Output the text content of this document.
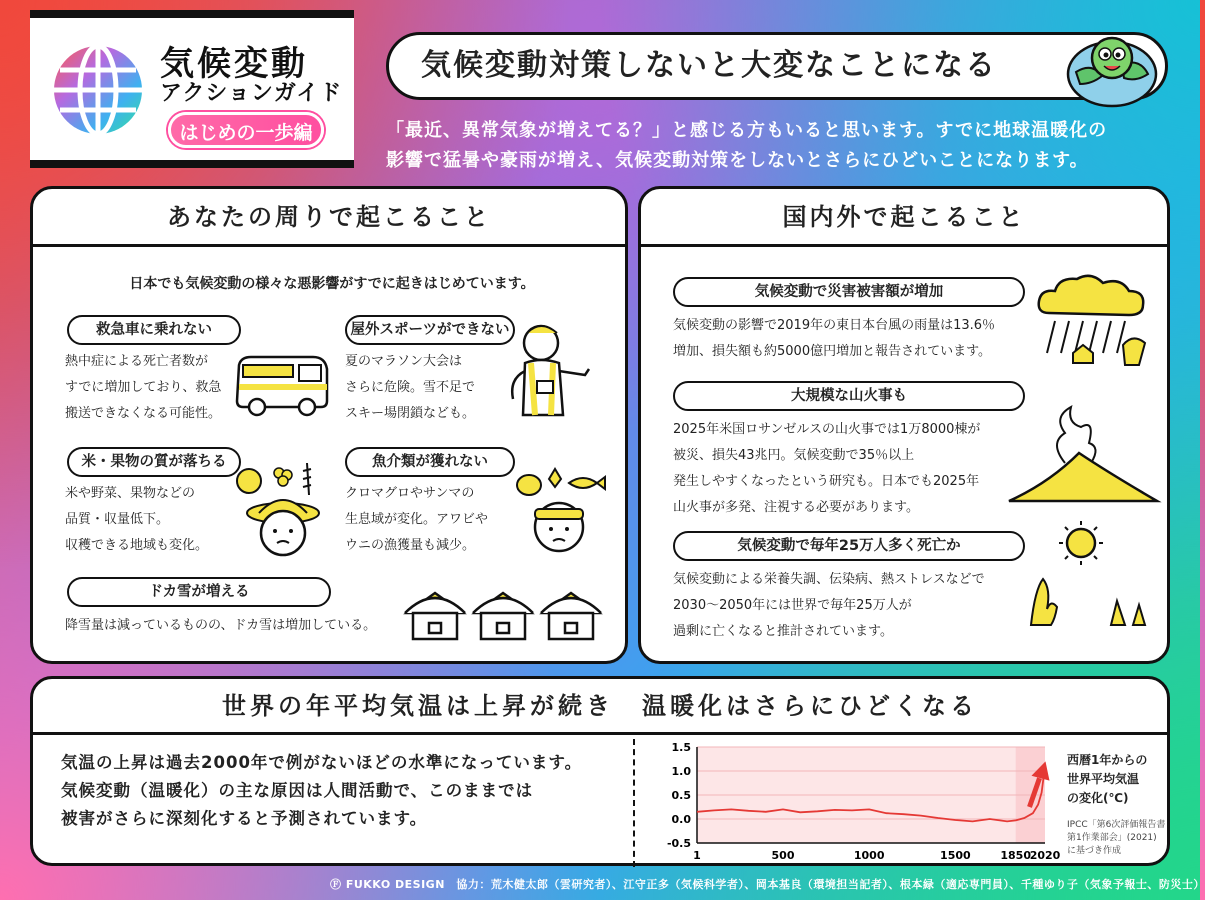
気候変動
アクションガイド
はじめの一歩編
気候変動対策しないと大変なことになる
「最近、異常気象が増えてる？」と感じる方もいると思います。すでに地球温暖化の
影響で猛暑や豪雨が増え、気候変動対策をしないとさらにひどいことになります。
あなたの周りで起こること
日本でも気候変動の様々な悪影響がすでに起きはじめています。
救急車に乗れない
熱中症による死亡者数が
すでに増加しており、救急
搬送できなくなる可能性。
屋外スポーツができない
夏のマラソン大会は
さらに危険。雪不足で
スキー場閉鎖なども。
米・果物の質が落ちる
米や野菜、果物などの
品質・収量低下。
収穫できる地域も変化。
魚介類が獲れない
クロマグロやサンマの
生息域が変化。アワビや
ウニの漁獲量も減少。
ドカ雪が増える
降雪量は減っているものの、ドカ雪は増加している。
国内外で起こること
気候変動で災害被害額が増加
気候変動の影響で2019年の東日本台風の雨量は13.6％
増加、損失額も約5000億円増加と報告されています。
大規模な山火事も
2025年米国ロサンゼルスの山火事では1万8000棟が
被災、損失43兆円。気候変動で35％以上
発生しやすくなったという研究も。日本でも2025年
山火事が多発、注視する必要があります。
気候変動で毎年25万人多く死亡か
気候変動による栄養失調、伝染病、熱ストレスなどで
2030〜2050年には世界で毎年25万人が
過剰に亡くなると推計されています。
世界の年平均気温は上昇が続き　温暖化はさらにひどくなる
気温の上昇は過去2000年で例がないほどの水準になっています。
気候変動（温暖化）の主な原因は人間活動で、このままでは
被害がさらに深刻化すると予測されています。
1.5
1.0
0.5
0.0
-0.5
1	500	1000	1500	1850
2020
西暦1年からの
世界平均気温
の変化(℃)
IPCC「第6次評価報告書
第1作業部会」(2021)
に基づき作成
Ⓕ FUKKO DESIGN　協力：荒木健太郎（雲研究者）、江守正多（気候科学者）、岡本基良（環境担当記者）、根本緑（適応専門員）、千種ゆり子（気象予報士、防災士）
